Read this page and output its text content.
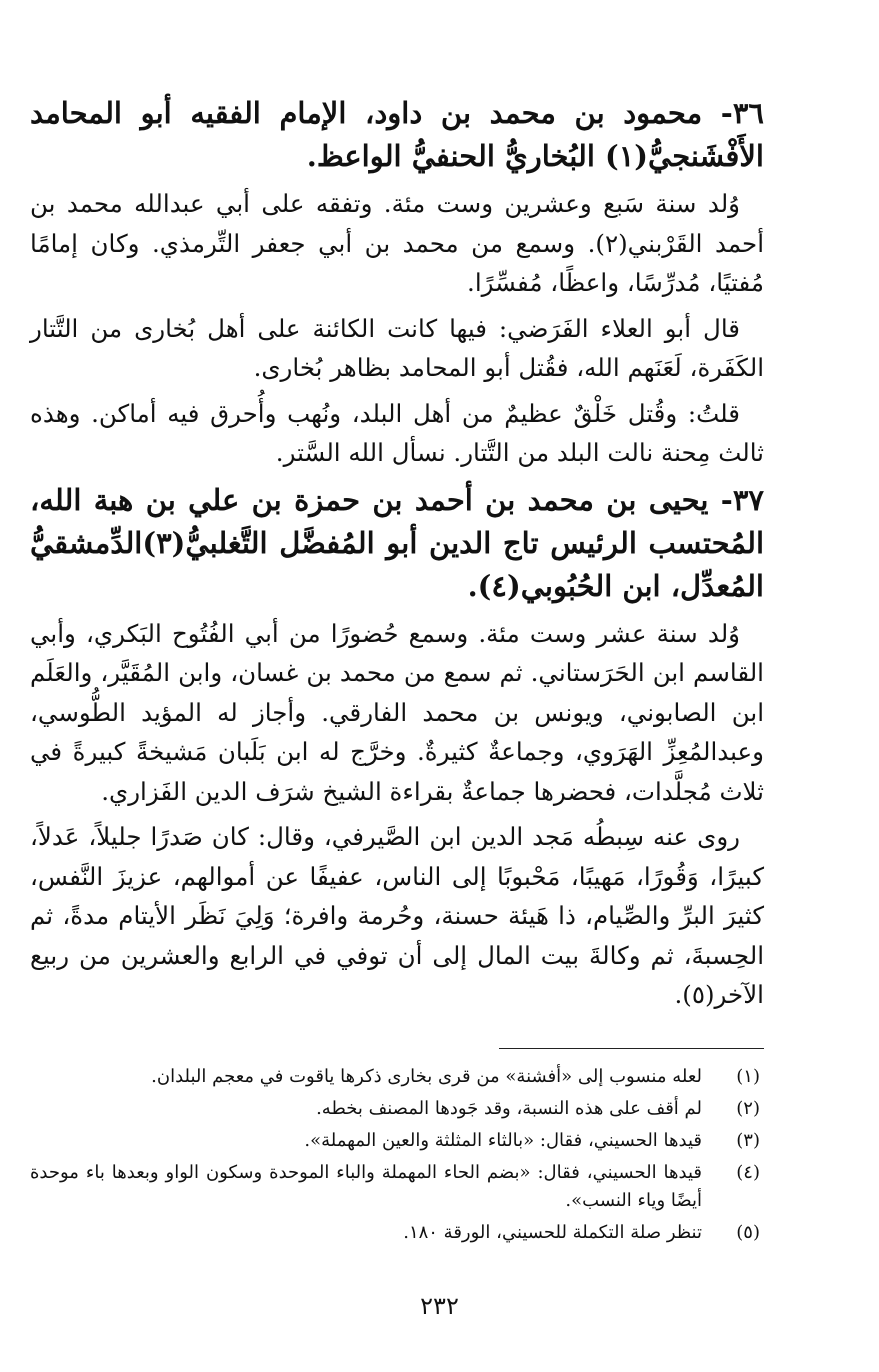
٣٦- محمود بن محمد بن داود، الإمام الفقيه أبو المحامد الأَفْشَنجيُّ(١) البُخاريُّ الحنفيُّ الواعظ.
وُلد سنة سَبع وعشرين وست مئة. وتفقه على أبي عبدالله محمد بن أحمد القَرْبني(٢). وسمع من محمد بن أبي جعفر التِّرمذي. وكان إمامًا مُفتيًا، مُدرِّسًا، واعظًا، مُفسِّرًا.
قال أبو العلاء الفَرَضي: فيها كانت الكائنة على أهل بُخارى من التَّتار الكَفَرة، لَعَنَهم الله، فقُتل أبو المحامد بظاهر بُخارى.
قلتُ: وقُتل خَلْقٌ عظيمٌ من أهل البلد، ونُهب وأُحرق فيه أماكن. وهذه ثالث مِحنة نالت البلد من التَّتار. نسأل الله السَّتر.
٣٧- يحيى بن محمد بن أحمد بن حمزة بن علي بن هبة الله، المُحتسب الرئيس تاج الدين أبو المُفضَّل التَّغلبيُّ(٣)الدِّمشقيُّ المُعدِّل، ابن الحُبُوبي(٤).
وُلد سنة عشر وست مئة. وسمع حُضورًا من أبي الفُتُوح البَكري، وأبي القاسم ابن الحَرَستاني. ثم سمع من محمد بن غسان، وابن المُقَيَّر، والعَلَم ابن الصابوني، ويونس بن محمد الفارقي. وأجاز له المؤيد الطُّوسي، وعبدالمُعِزِّ الهَرَوي، وجماعةٌ كثيرةٌ. وخرَّج له ابن بَلَبان مَشيخةً كبيرةً في ثلاث مُجلَّدات، فحضرها جماعةٌ بقراءة الشيخ شرَف الدين الفَزاري.
روى عنه سِبطُه مَجد الدين ابن الصَّيرفي، وقال: كان صَدرًا جليلاً، عَدلاً، كبيرًا، وَقُورًا، مَهيبًا، مَحْبوبًا إلى الناس، عفيفًا عن أموالهم، عزيزَ النَّفس، كثيرَ البرِّ والصِّيام، ذا هَيئة حسنة، وحُرمة وافرة؛ وَلِيَ نَظَر الأيتام مدةً، ثم الحِسبةَ، ثم وكالةَ بيت المال إلى أن توفي في الرابع والعشرين من ربيع الآخر(٥).
(١)
لعله منسوب إلى «أفشنة» من قرى بخارى ذكرها ياقوت في معجم البلدان.
(٢)
لم أقف على هذه النسبة، وقد جَودها المصنف بخطه.
(٣)
قيدها الحسيني، فقال: «بالثاء المثلثة والعين المهملة».
(٤)
قيدها الحسيني، فقال: «بضم الحاء المهملة والباء الموحدة وسكون الواو وبعدها باء موحدة أيضًا وياء النسب».
(٥)
تنظر صلة التكملة للحسيني، الورقة ١٨٠.
٢٣٢
